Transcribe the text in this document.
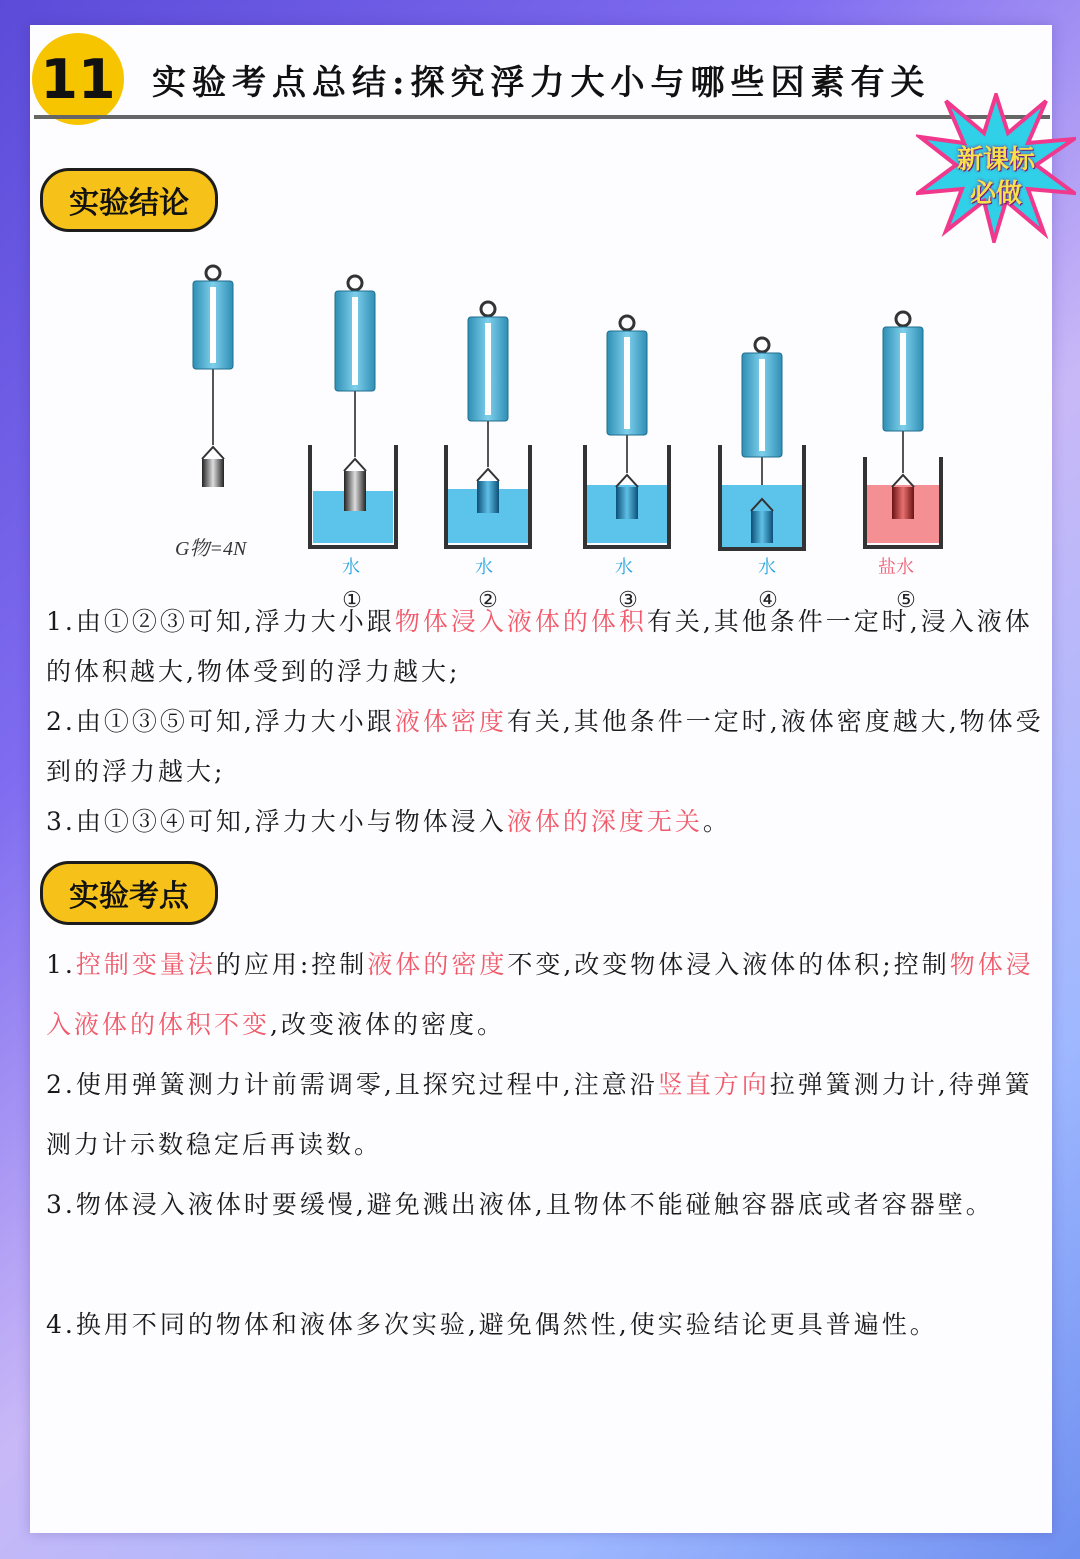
11 实验考点总结:探究浮力大小与哪些因素有关
新课标
必做
实验结论
G物=4N
水	水	水	水	盐水
①	②	③	④	⑤
1.由①②③可知,浮力大小跟物体浸入液体的体积有关,其他条件一定时,浸入液体的体积越大,物体受到的浮力越大;
2.由①③⑤可知,浮力大小跟液体密度有关,其他条件一定时,液体密度越大,物体受到的浮力越大;
3.由①③④可知,浮力大小与物体浸入液体的深度无关。
实验考点
1.控制变量法的应用:控制液体的密度不变,改变物体浸入液体的体积;控制物体浸入液体的体积不变,改变液体的密度。
2.使用弹簧测力计前需调零,且探究过程中,注意沿竖直方向拉弹簧测力计,待弹簧测力计示数稳定后再读数。
3.物体浸入液体时要缓慢,避免溅出液体,且物体不能碰触容器底或者容器壁。
4.换用不同的物体和液体多次实验,避免偶然性,使实验结论更具普遍性。
